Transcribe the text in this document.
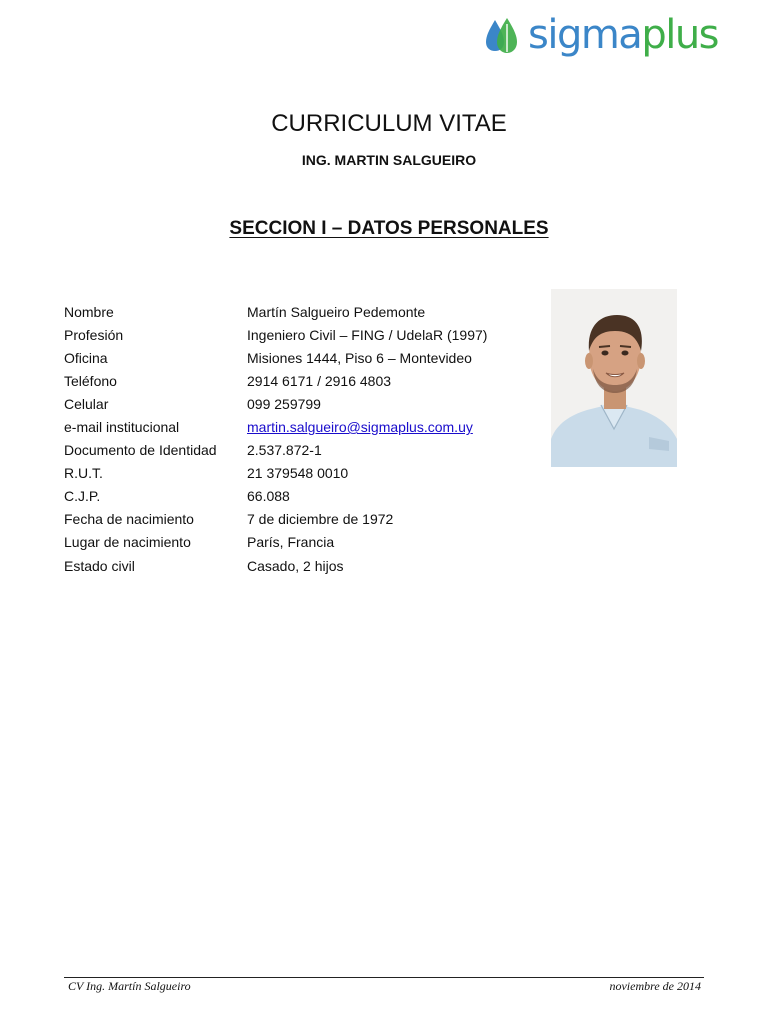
sigmaplus
CURRICULUM VITAE
ING. MARTIN SALGUEIRO
SECCION I – DATOS PERSONALES
Nombre	Martín Salgueiro Pedemonte
Profesión	Ingeniero Civil – FING / UdelaR (1997)
Oficina	Misiones 1444, Piso 6 – Montevideo
Teléfono	2914 6171 / 2916 4803
Celular	099 259799
e-mail institucional	martin.salgueiro@sigmaplus.com.uy
Documento de Identidad	2.537.872-1
R.U.T.	21 379548 0010
C.J.P.	66.088
Fecha de nacimiento	7 de diciembre de 1972
Lugar de nacimiento	París, Francia
Estado civil	Casado, 2 hijos
CV Ing. Martín Salgueiro	noviembre de 2014
